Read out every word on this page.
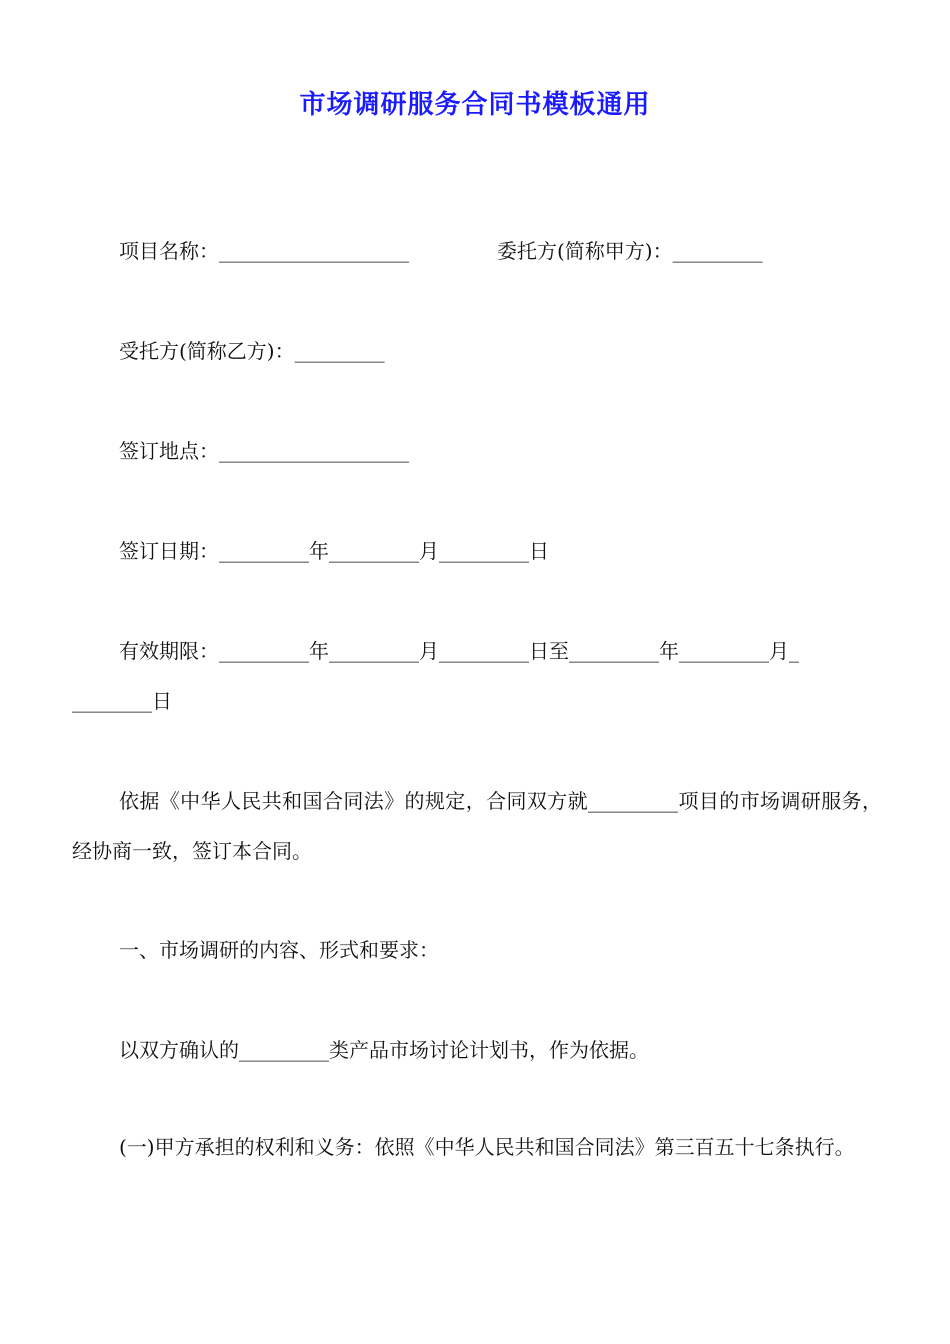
市场调研服务合同书模板通用
项目名称：___________________	委托方(简称甲方)：_________
受托方(简称乙方)：_________
签订地点：___________________
签订日期：_________年_________月_________日
有效期限：_________年_________月_________日至_________年_________月_
________日
依据《中华人民共和国合同法》的规定，合同双方就_________项目的市场调研服务，经协商一致，签订本合同。
一、市场调研的内容、形式和要求：
以双方确认的_________类产品市场讨论计划书，作为依据。
(一)甲方承担的权利和义务：依照《中华人民共和国合同法》第三百五十七条执行。
